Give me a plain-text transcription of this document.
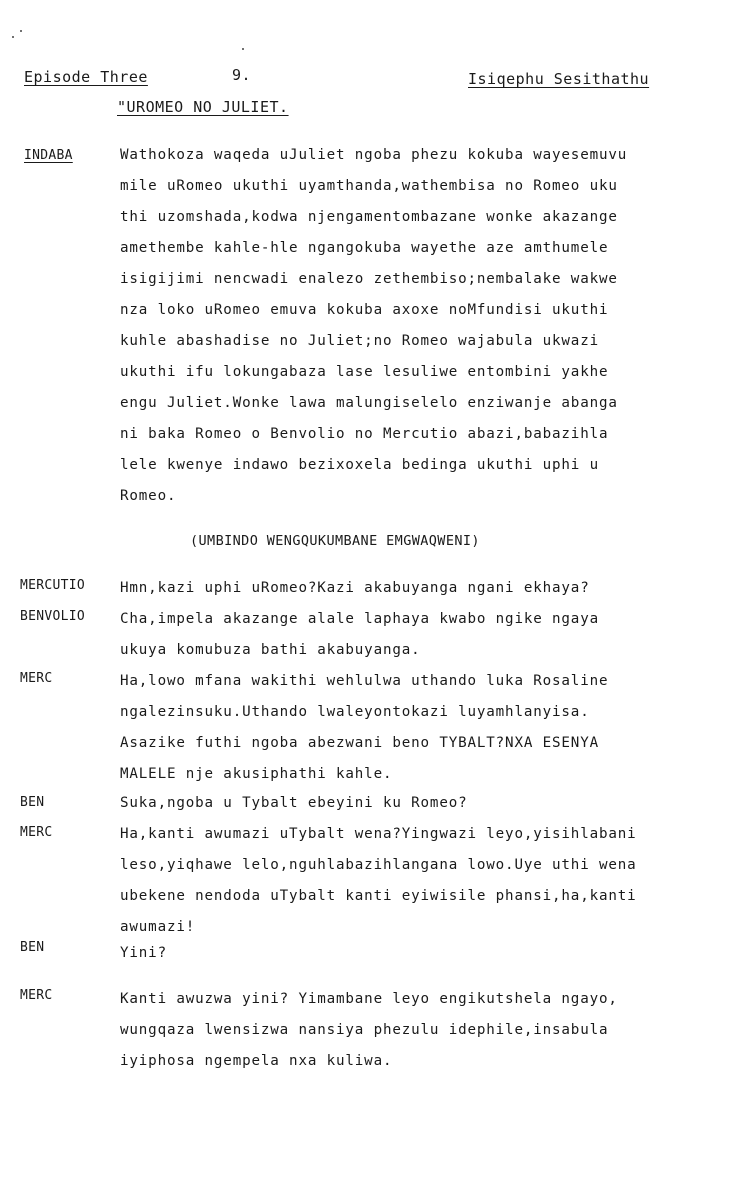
Episode Three	9.	Isiqephu Sesithathu
"UROMEO NO JULIET.
INDABA	Wathokoza waqeda uJuliet ngoba phezu kokuba wayesemuvu
mile uRomeo ukuthi uyamthanda,wathembisa no Romeo uku
thi uzomshada,kodwa njengamentombazane wonke akazange
amethembe kahle-hle ngangokuba wayethe aze amthumele
isigijimi nencwadi enalezo zethembiso;nembalake wakwe
nza loko uRomeo emuva kokuba axoxe noMfundisi ukuthi
kuhle abashadise no Juliet;no Romeo wajabula ukwazi
ukuthi ifu lokungabaza lase lesuliwe entombini yakhe
engu Juliet.Wonke lawa malungiselelo enziwanje abanga
ni baka Romeo o Benvolio no Mercutio abazi,babazihla
lele kwenye indawo bezixoxela bedinga ukuthi uphi u
Romeo.
(UMBINDO WENGQUKUMBANE EMGWAQWENI)
MERCUTIO Hmn,kazi uphi uRomeo?Kazi akabuyanga ngani ekhaya?
BENVOLIO Cha,impela akazange alale laphaya kwabo ngike ngaya
ukuya komubuza bathi akabuyanga.
MERC	Ha,lowo mfana wakithi wehlulwa uthando luka Rosaline
ngalezinsuku.Uthando lwaleyontokazi luyamhlanyisa.
Asazike futhi ngoba abezwani beno TYBALT?NXA ESENYA
MALELE nje akusiphathi kahle.
BEN	Suka,ngoba u Tybalt ebeyini ku Romeo?
MERC	Ha,kanti awumazi uTybalt wena?Yingwazi leyo,yisihlabani
leso,yiqhawe lelo,nguhlabazihlangana lowo.Uye uthi wena
ubekene nendoda uTybalt kanti eyiwisile phansi,ha,kanti
awumazi!
BEN	Yini?
MERC	Kanti awuzwa yini? Yimambane leyo engikutshela ngayo,
wungqaza lwensizwa nansiya phezulu idephile,insabula
iyiphosa ngempela nxa kuliwa.
